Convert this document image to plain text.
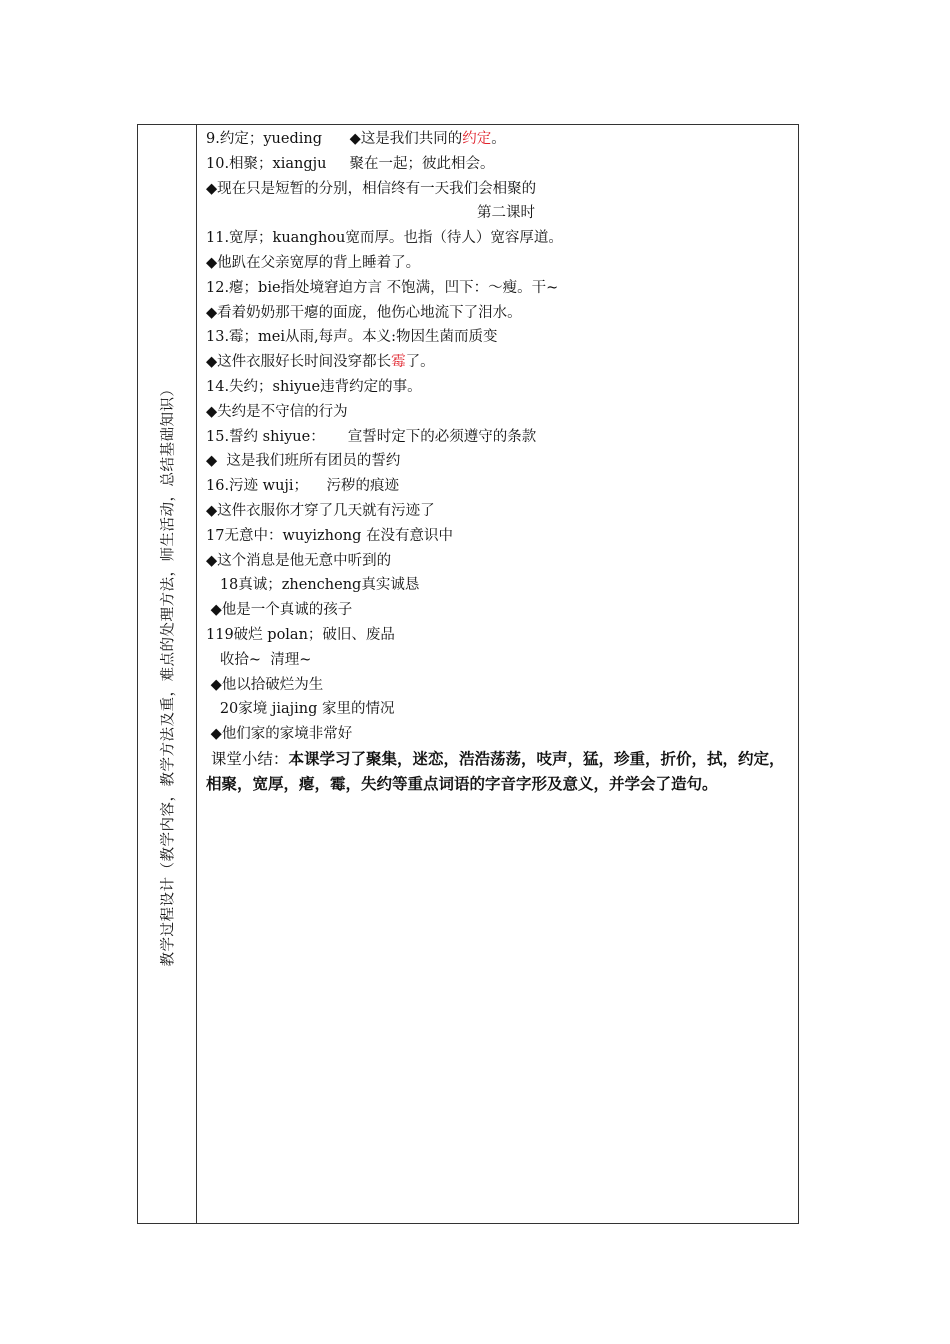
教学过程设计（教学内容，教学方法及重，难点的处理方法，师生活动，总结基础知识）
9.约定；yueding      ◆这是我们共同的约定。
10.相聚；xiangju     聚在一起；彼此相会。
◆现在只是短暂的分别，相信终有一天我们会相聚的
第二课时
11.宽厚；kuanghou宽而厚。也指（待人）宽容厚道。
◆他趴在父亲宽厚的背上睡着了。
12.瘪；bie指处境窘迫方言 不饱满，凹下：～瘦。干~
◆看着奶奶那干瘪的面庞，他伤心地流下了泪水。
13.霉；mei从雨,每声。本义:物因生菌而质变
◆这件衣服好长时间没穿都长霉了。
14.失约；shiyue违背约定的事。
◆失约是不守信的行为
15.誓约 shiyue：     宣誓时定下的必须遵守的条款
◆  这是我们班所有团员的誓约
16.污迹 wuji；    污秽的痕迹
◆这件衣服你才穿了几天就有污迹了
17无意中：wuyizhong 在没有意识中
◆这个消息是他无意中听到的
18真诚；zhencheng真实诚恳
◆他是一个真诚的孩子
119破烂 polan；破旧、废品
收拾~  清理~
◆他以拾破烂为生
20家境 jiajing 家里的情况
◆他们家的家境非常好
课堂小结：本课学习了聚集，迷恋，浩浩荡荡，吱声，猛，珍重，折价，拭，约定，相聚，宽厚，瘪，霉，失约等重点词语的字音字形及意义，并学会了造句。
